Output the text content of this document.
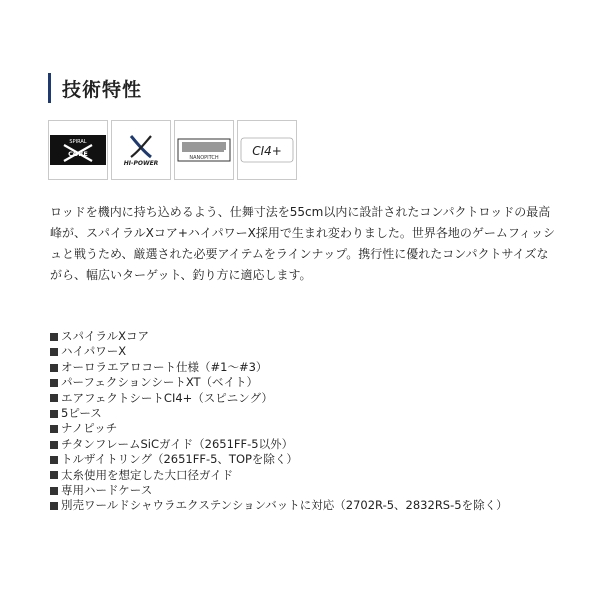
技術特性
SPIRAL
CORE
HI-POWER
NANOPITCH	CI4+

ロッドを機内に持ち込めるよう、仕舞寸法を55cm以内に設計されたコンパクトロッドの最高峰が、スパイラルXコア+ハイパワーX採用で生まれ変わりました。世界各地のゲームフィッシュと戦うため、厳選された必要アイテムをラインナップ。携行性に優れたコンパクトサイズながら、幅広いターゲット、釣り方に適応します。

スパイラルXコア
ハイパワーX
オーロラエアロコート仕様（#1〜#3）
パーフェクションシートXT（ベイト）
エアフェクトシートCI4+（スピニング）
5ピース
ナノピッチ
チタンフレームSiCガイド（2651FF-5以外）
トルザイトリング（2651FF-5、TOPを除く）
太糸使用を想定した大口径ガイド
専用ハードケース
別売ワールドシャウラエクステンションバットに対応（2702R-5、2832RS-5を除く）
